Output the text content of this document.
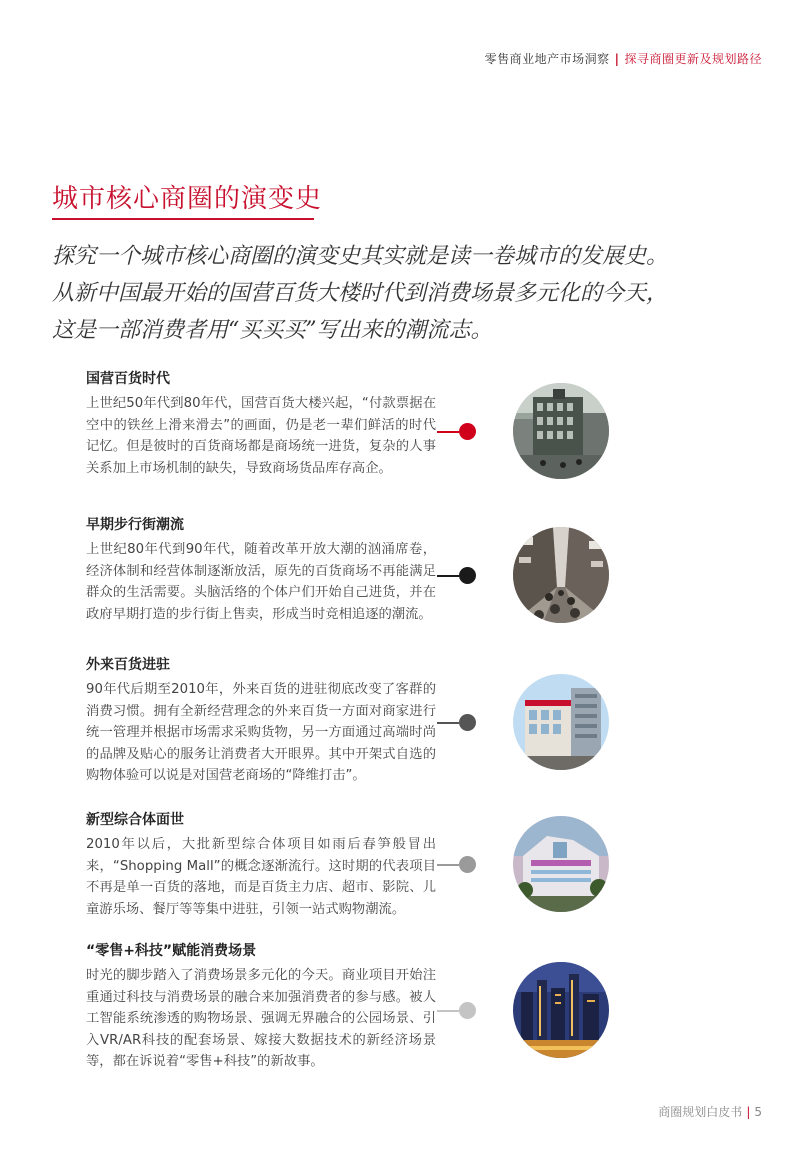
零售商业地产市场洞察 | 探寻商圈更新及规划路径
城市核心商圈的演变史

探究一个城市核心商圈的演变史其实就是读一卷城市的发展史。

从新中国最开始的国营百货大楼时代到消费场景多元化的今天，

这是一部消费者用“买买买”写出来的潮流志。

国营百货时代
上世纪50年代到80年代，国营百货大楼兴起，“付款票据在空中的铁丝上滑来滑去”的画面，仍是老一辈们鲜活的时代记忆。但是彼时的百货商场都是商场统一进货，复杂的人事关系加上市场机制的缺失，导致商场货品库存高企。
早期步行街潮流
上世纪80年代到90年代，随着改革开放大潮的汹涌席卷，经济体制和经营体制逐渐放活，原先的百货商场不再能满足群众的生活需要。头脑活络的个体户们开始自己进货，并在政府早期打造的步行街上售卖，形成当时竞相追逐的潮流。
外来百货进驻
90年代后期至2010年，外来百货的进驻彻底改变了客群的消费习惯。拥有全新经营理念的外来百货一方面对商家进行统一管理并根据市场需求采购货物，另一方面通过高端时尚的品牌及贴心的服务让消费者大开眼界。其中开架式自选的购物体验可以说是对国营老商场的“降维打击”。
新型综合体面世
2010年以后，大批新型综合体项目如雨后春笋般冒出来，“Shopping Mall”的概念逐渐流行。这时期的代表项目不再是单一百货的落地，而是百货主力店、超市、影院、儿童游乐场、餐厅等等集中进驻，引领一站式购物潮流。
“零售+科技”赋能消费场景
时光的脚步踏入了消费场景多元化的今天。商业项目开始注重通过科技与消费场景的融合来加强消费者的参与感。被人工智能系统渗透的购物场景、强调无界融合的公园场景、引入VR/AR科技的配套场景、嫁接大数据技术的新经济场景等，都在诉说着“零售+科技”的新故事。
商圈规划白皮书 | 5
